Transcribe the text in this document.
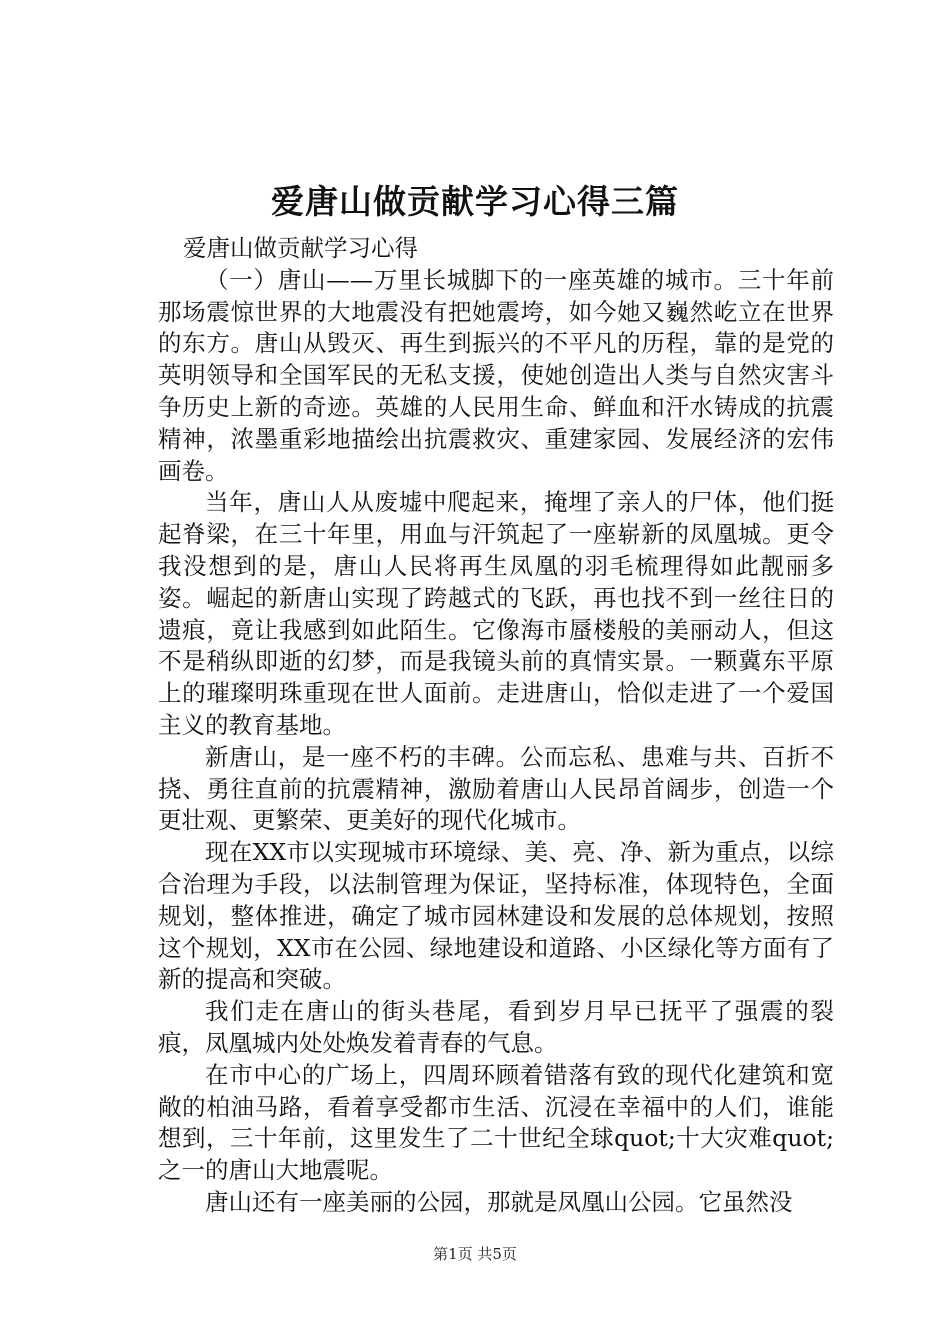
爱唐山做贡献学习心得三篇

爱唐山做贡献学习心得

（一）唐山——万里长城脚下的一座英雄的城市。三十年前那场震惊世界的大地震没有把她震垮，如今她又巍然屹立在世界的东方。唐山从毁灭、再生到振兴的不平凡的历程，靠的是党的英明领导和全国军民的无私支援，使她创造出人类与自然灾害斗争历史上新的奇迹。英雄的人民用生命、鲜血和汗水铸成的抗震精神，浓墨重彩地描绘出抗震救灾、重建家园、发展经济的宏伟画卷。

当年，唐山人从废墟中爬起来，掩埋了亲人的尸体，他们挺起脊梁，在三十年里，用血与汗筑起了一座崭新的凤凰城。更令我没想到的是，唐山人民将再生凤凰的羽毛梳理得如此靓丽多姿。崛起的新唐山实现了跨越式的飞跃，再也找不到一丝往日的遗痕，竟让我感到如此陌生。它像海市蜃楼般的美丽动人，但这不是稍纵即逝的幻梦，而是我镜头前的真情实景。一颗冀东平原上的璀璨明珠重现在世人面前。走进唐山，恰似走进了一个爱国主义的教育基地。

新唐山，是一座不朽的丰碑。公而忘私、患难与共、百折不挠、勇往直前的抗震精神，激励着唐山人民昂首阔步，创造一个更壮观、更繁荣、更美好的现代化城市。

现在XX市以实现城市环境绿、美、亮、净、新为重点，以综合治理为手段，以法制管理为保证，坚持标准，体现特色，全面规划，整体推进，确定了城市园林建设和发展的总体规划，按照这个规划，XX市在公园、绿地建设和道路、小区绿化等方面有了新的提高和突破。

我们走在唐山的街头巷尾，看到岁月早已抚平了强震的裂痕，凤凰城内处处焕发着青春的气息。

在市中心的广场上，四周环顾着错落有致的现代化建筑和宽敞的柏油马路，看着享受都市生活、沉浸在幸福中的人们，谁能想到，三十年前，这里发生了二十世纪全球quot;十大灾难quot;之一的唐山大地震呢。

唐山还有一座美丽的公园，那就是凤凰山公园。它虽然没

第1页 共5页
